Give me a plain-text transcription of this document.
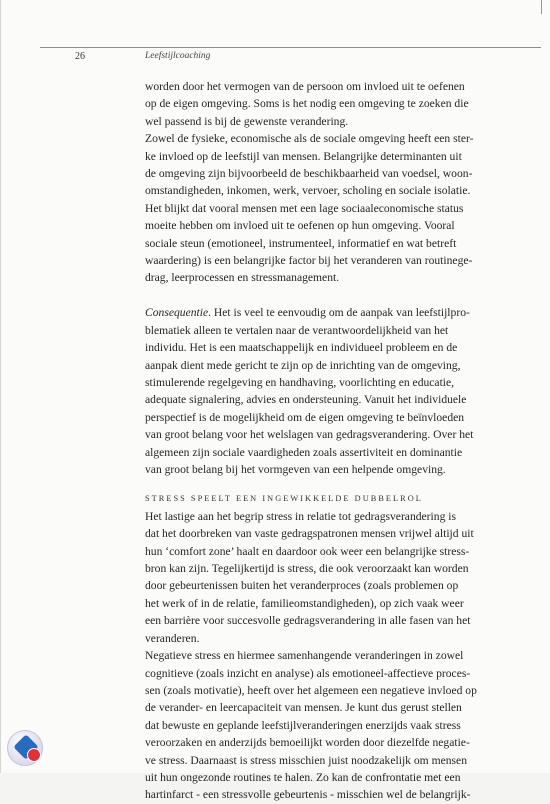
26	Leefstijlcoaching
worden door het vermogen van de persoon om invloed uit te oefenen
op de eigen omgeving. Soms is het nodig een omgeving te zoeken die
wel passend is bij de gewenste verandering.
Zowel de fysieke, economische als de sociale omgeving heeft een ster-
ke invloed op de leefstijl van mensen. Belangrijke determinanten uit
de omgeving zijn bijvoorbeeld de beschikbaarheid van voedsel, woon-
omstandigheden, inkomen, werk, vervoer, scholing en sociale isolatie.
Het blijkt dat vooral mensen met een lage sociaaleconomische status
moeite hebben om invloed uit te oefenen op hun omgeving. Vooral
sociale steun (emotioneel, instrumenteel, informatief en wat betreft
waardering) is een belangrijke factor bij het veranderen van routinege-
drag, leerprocessen en stressmanagement.
Consequentie. Het is veel te eenvoudig om de aanpak van leefstijlpro-
blematiek alleen te vertalen naar de verantwoordelijkheid van het
individu. Het is een maatschappelijk en individueel probleem en de
aanpak dient mede gericht te zijn op de inrichting van de omgeving,
stimulerende regelgeving en handhaving, voorlichting en educatie,
adequate signalering, advies en ondersteuning. Vanuit het individuele
perspectief is de mogelijkheid om de eigen omgeving te beïnvloeden
van groot belang voor het welslagen van gedragsverandering. Over het
algemeen zijn sociale vaardigheden zoals assertiviteit en dominantie
van groot belang bij het vormgeven van een helpende omgeving.
STRESS SPEELT EEN INGEWIKKELDE DUBBELROL
Het lastige aan het begrip stress in relatie tot gedragsverandering is
dat het doorbreken van vaste gedragspatronen mensen vrijwel altijd uit
hun ‘comfort zone’ haalt en daardoor ook weer een belangrijke stress-
bron kan zijn. Tegelijkertijd is stress, die ook veroorzaakt kan worden
door gebeurtenissen buiten het veranderproces (zoals problemen op
het werk of in de relatie, familieomstandigheden), op zich vaak weer
een barrière voor succesvolle gedragsverandering in alle fasen van het
veranderen.
Negatieve stress en hiermee samenhangende veranderingen in zowel
cognitieve (zoals inzicht en analyse) als emotioneel-affectieve proces-
sen (zoals motivatie), heeft over het algemeen een negatieve invloed op
de verander- en leercapaciteit van mensen. Je kunt dus gerust stellen
dat bewuste en geplande leefstijlveranderingen enerzijds vaak stress
veroorzaken en anderzijds bemoeilijkt worden door diezelfde negatie-
ve stress. Daarnaast is stress misschien juist noodzakelijk om mensen
uit hun ongezonde routines te halen. Zo kan de confrontatie met een
hartinfarct - een stressvolle gebeurtenis - misschien wel de belangrijk-
